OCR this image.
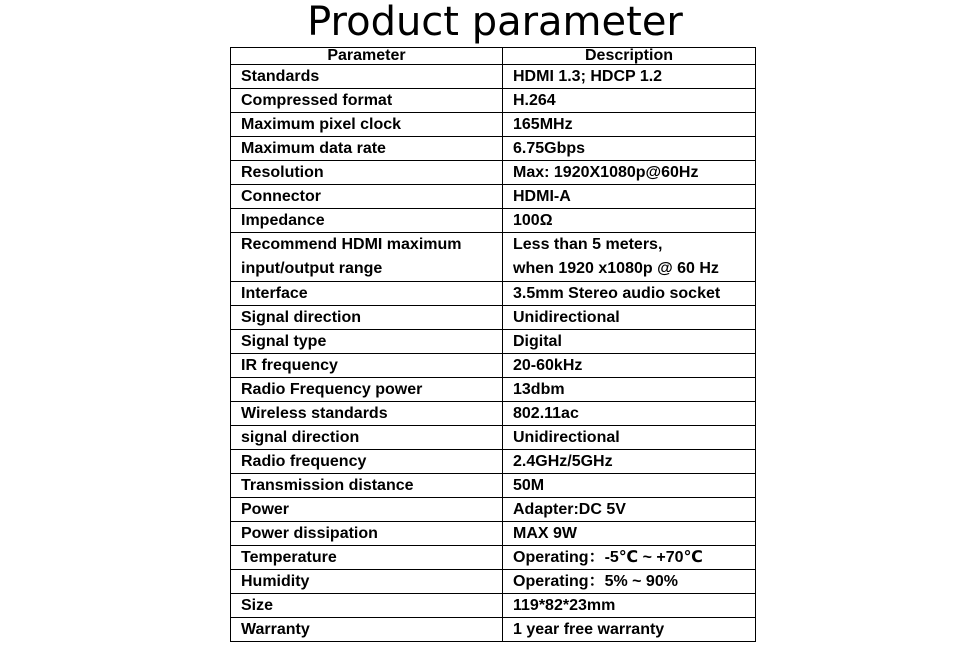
Product parameter
Parameter	Description
Standards	HDMI 1.3; HDCP 1.2
Compressed format	H.264
Maximum pixel clock	165MHz
Maximum data rate	6.75Gbps
Resolution	Max: 1920X1080p@60Hz
Connector	HDMI-A
Impedance	100Ω

Recommend HDMI maximum
input/output range	Less than 5 meters,
when 1920 x1080p @ 60 Hz

Interface	3.5mm Stereo audio socket
Signal direction	Unidirectional
Signal type	Digital
IR frequency	20-60kHz
Radio Frequency power	13dbm
Wireless standards	802.11ac
signal direction	Unidirectional
Radio frequency	2.4GHz/5GHz
Transmission distance	50M
Power	Adapter:DC 5V
Power dissipation	MAX 9W
Temperature	Operating：-5℃ ~ +70℃
Humidity	Operating：5% ~ 90%
Size	119*82*23mm
Warranty	1 year free warranty
